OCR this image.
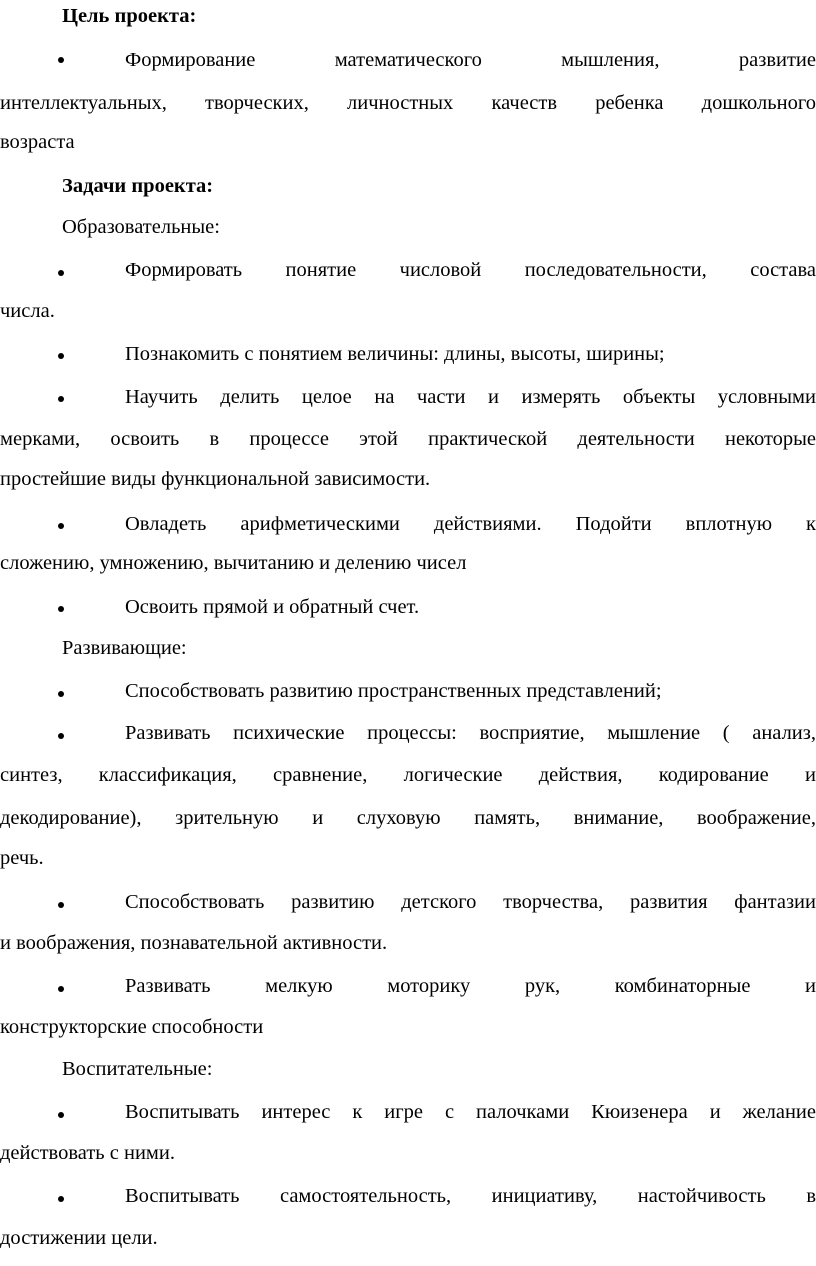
Цель проекта:
Формирование математического мышления, развитие
интеллектуальных, творческих, личностных качеств ребенка дошкольного
возраста
Задачи проекта:
Образовательные:
Формировать понятие числовой последовательности, состава
числа.
Познакомить с понятием величины: длины, высоты, ширины;
Научить делить целое на части и измерять объекты условными
мерками, освоить в процессе этой практической деятельности некоторые
простейшие виды функциональной зависимости.
Овладеть арифметическими действиями. Подойти вплотную к
сложению, умножению, вычитанию и делению чисел
Освоить прямой и обратный счет.
Развивающие:
Способствовать развитию пространственных представлений;
Развивать психические процессы: восприятие, мышление ( анализ,
синтез, классификация, сравнение, логические действия, кодирование и
декодирование), зрительную и слуховую память, внимание, воображение,
речь.
Способствовать развитию детского творчества, развития фантазии
и воображения, познавательной активности.
Развивать мелкую моторику рук, комбинаторные и
конструкторские способности
Воспитательные:
Воспитывать интерес к игре с палочками Кюизенера и желание
действовать с ними.
Воспитывать самостоятельность, инициативу, настойчивость в
достижении цели.
